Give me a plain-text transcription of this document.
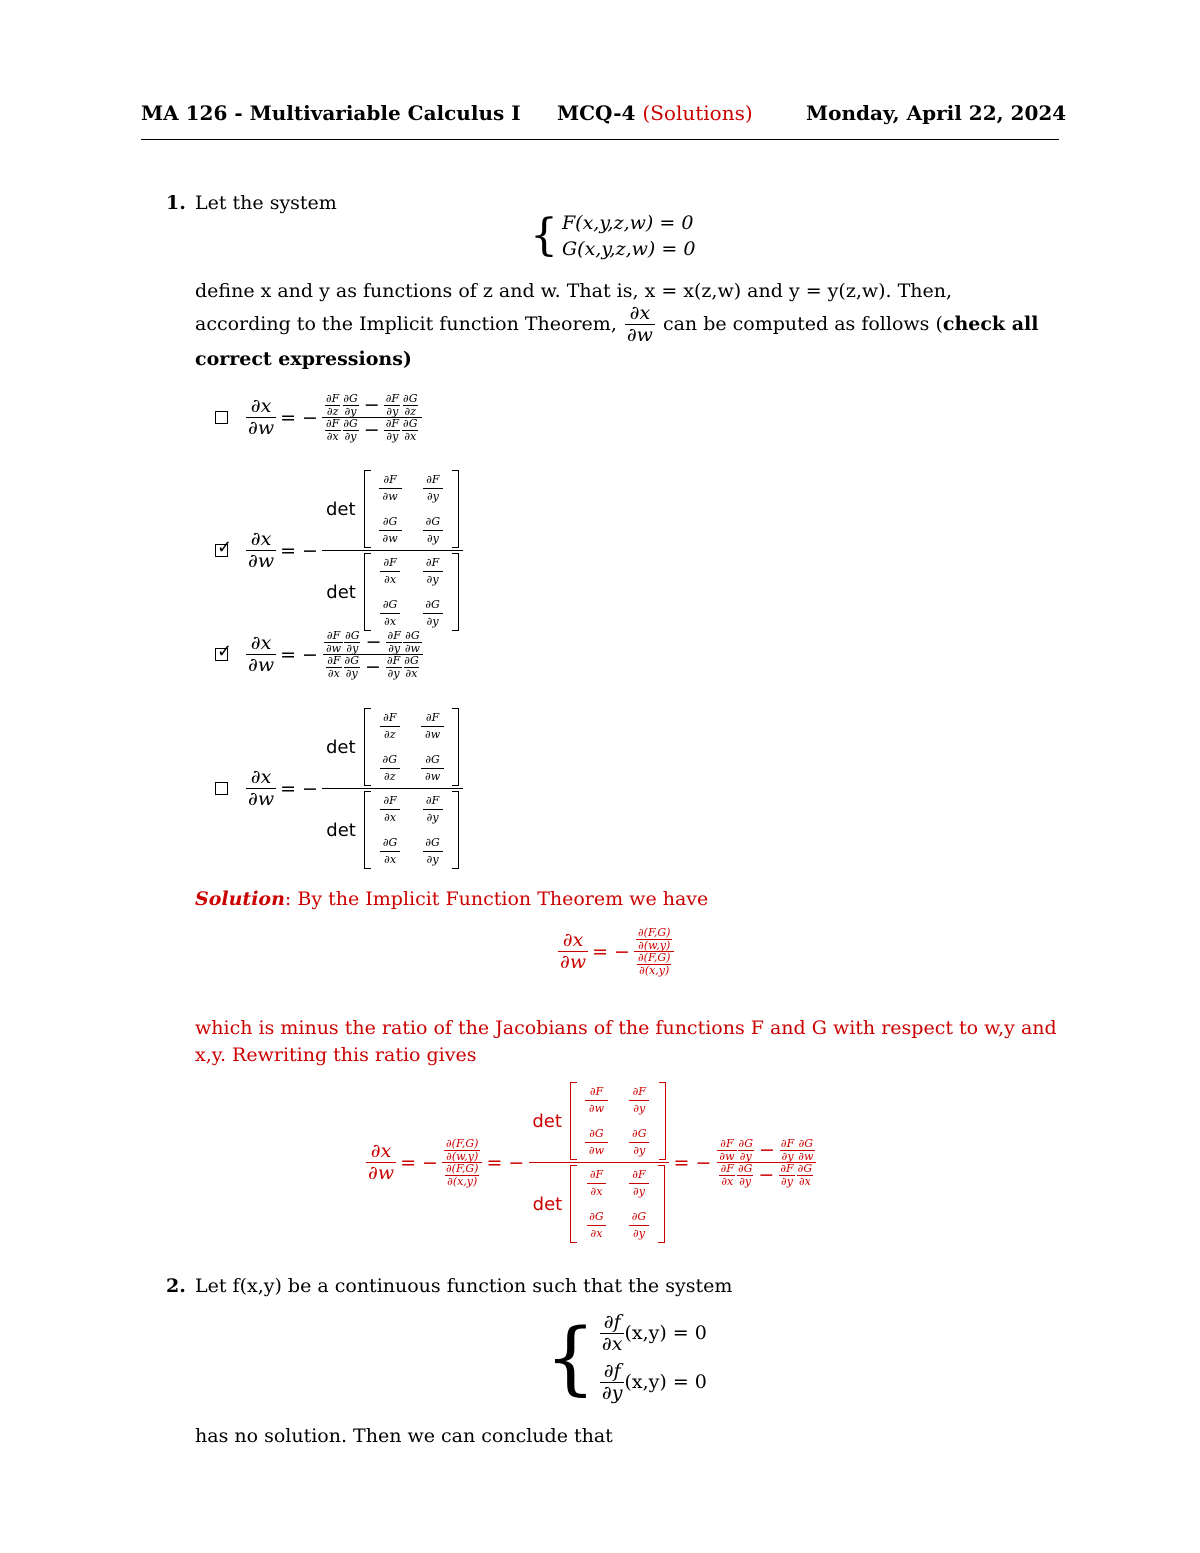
MA 126 - Multivariable Calculus I MCQ-4 (Solutions)	Monday, April 22, 2024
1. Let the system
{ F(x,y,z,w) = 0
G(x,y,z,w) = 0
define x and y as functions of z and w. That is, x = x(z,w) and y = y(z,w). Then,
according to the Implicit function Theorem, $\frac{\partial x}{\partial w}$ can be computed as follows ( check all
correct expressions)
$\frac{\partial x}{\partial w}$ = − $\frac{\frac{\partial F}{\partial z} \frac{\partial G}{\partial y} - \frac{\partial F}{\partial y} \frac{\partial G}{\partial z}}{\frac{\partial F}{\partial x} \frac{\partial G}{\partial y} - \frac{\partial F}{\partial y} \frac{\partial G}{\partial x}}$
✓ $\frac{\partial x}{\partial w}$ = − det
$\frac{\partial F}{\partial w} \frac{\partial F}{\partial y}$
$\frac{\partial G}{\partial w} \frac{\partial G}{\partial y}$
det
$\frac{\partial F}{\partial x} \frac{\partial F}{\partial y}$
$\frac{\partial G}{\partial x} \frac{\partial G}{\partial y}$
✓ $\frac{\partial x}{\partial w}$ = − $\frac{\frac{\partial F}{\partial w} \frac{\partial G}{\partial y} - \frac{\partial F}{\partial y} \frac{\partial G}{\partial w}}{\frac{\partial F}{\partial x} \frac{\partial G}{\partial y} - \frac{\partial F}{\partial y} \frac{\partial G}{\partial x}}$
$\frac{\partial x}{\partial w}$ = − det
$\frac{\partial F}{\partial z} \frac{\partial F}{\partial w}$
$\frac{\partial G}{\partial z} \frac{\partial G}{\partial w}$
det
$\frac{\partial F}{\partial x} \frac{\partial F}{\partial y}$
$\frac{\partial G}{\partial x} \frac{\partial G}{\partial y}$
Solution: By the Implicit Function Theorem we have
$\frac{\partial x}{\partial w}$ = − $\frac{\frac{\partial(F,G)}{\partial(w,y)}}{\frac{\partial(F,G)}{\partial(x,y)}}$
which is minus the ratio of the Jacobians of the functions F and G with respect to w,y and
x,y. Rewriting this ratio gives
$\frac{\partial x}{\partial w}$ = − $\frac{\frac{\partial(F,G)}{\partial(w,y)}}{\frac{\partial(F,G)}{\partial(x,y)}}$ = − det
$\frac{\partial F}{\partial w} \frac{\partial F}{\partial y}$
$\frac{\partial G}{\partial w} \frac{\partial G}{\partial y}$
det
$\frac{\partial F}{\partial x} \frac{\partial F}{\partial y}$
$\frac{\partial G}{\partial x} \frac{\partial G}{\partial y}$ = − $\frac{\frac{\partial F}{\partial w} \frac{\partial G}{\partial y} - \frac{\partial F}{\partial y} \frac{\partial G}{\partial w}}{\frac{\partial F}{\partial x} \frac{\partial G}{\partial y} - \frac{\partial F}{\partial y} \frac{\partial G}{\partial x}}$
2. Let f(x,y) be a continuous function such that the system
{ $\frac{\partial f}{\partial x} (x,y) = 0$
$\frac{\partial f}{\partial y} (x,y) = 0$
has no solution. Then we can conclude that
